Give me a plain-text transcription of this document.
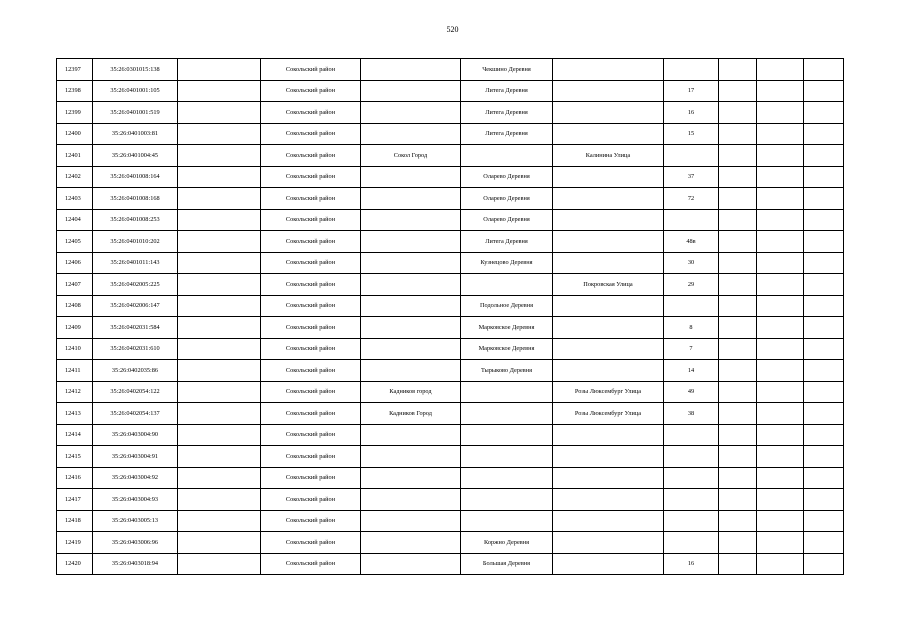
520
12397	35:26:0301015:138		Сокольский район		Чекшино Деревня					
12398	35:26:0401001:105		Сокольский район		Литега Деревня		17			
12399	35:26:0401001:519		Сокольский район		Литега Деревня		16			
12400	35:26:0401003:81		Сокольский район		Литега Деревня		15			
12401	35:26:0401004:45		Сокольский район	Сокол Город		Калинина Улица				
12402	35:26:0401008:164		Сокольский район		Оларево Деревня		37			
12403	35:26:0401008:168		Сокольский район		Оларево Деревня		72			
12404	35:26:0401008:253		Сокольский район		Оларево Деревня					
12405	35:26:0401010:202		Сокольский район		Литега Деревня		48в			
12406	35:26:0401011:143		Сокольский район		Кузнецово Деревня		30			
12407	35:26:0402005:225		Сокольский район			Покровская Улица	29			
12408	35:26:0402006:147		Сокольский район		Подольное Деревня					
12409	35:26:0402031:584		Сокольский район		Марковское Деревня		8			
12410	35:26:0402031:610		Сокольский район		Марковское Деревня		7			
12411	35:26:0402035:86		Сокольский район		Тырыково Деревня		14			
12412	35:26:0402054:122		Сокольский район	Кадников город		Розы Люксембург Улица	49			
12413	35:26:0402054:137		Сокольский район	Кадников Город		Розы Люксембург Улица	38			
12414	35:26:0403004:90		Сокольский район							
12415	35:26:0403004:91		Сокольский район							
12416	35:26:0403004:92		Сокольский район							
12417	35:26:0403004:93		Сокольский район							
12418	35:26:0403005:13		Сокольский район							
12419	35:26:0403006:96		Сокольский район		Коржно Деревня					
12420	35:26:0403018:94		Сокольский район		Большая Деревня		16			
